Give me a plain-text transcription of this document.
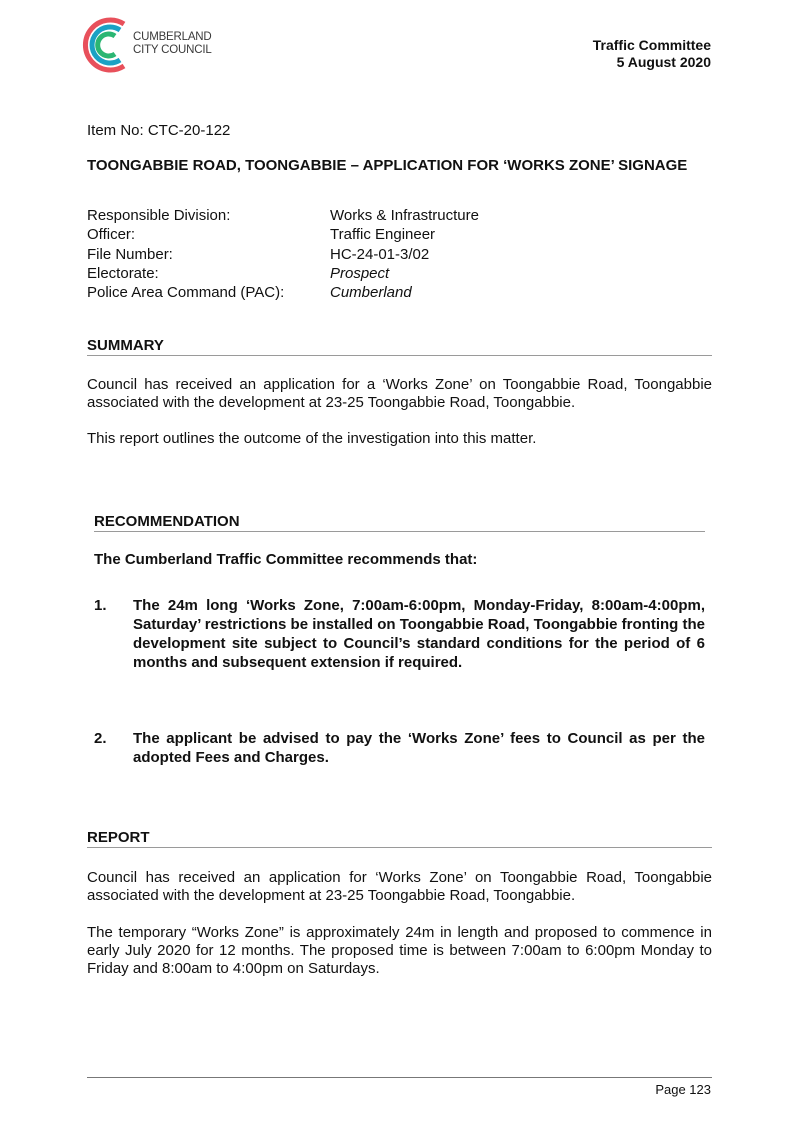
CUMBERLAND
CITY COUNCIL	Traffic Committee
5 August 2020
Item No: CTC-20-122
TOONGABBIE ROAD, TOONGABBIE – APPLICATION FOR ‘WORKS ZONE’ SIGNAGE
Responsible Division:	Works & Infrastructure
Officer:	Traffic Engineer
File Number:	HC-24-01-3/02
Electorate:	Prospect
Police Area Command (PAC):	Cumberland
SUMMARY

Council has received an application for a ‘Works Zone’ on Toongabbie Road, Toongabbie associated with the development at 23-25 Toongabbie Road, Toongabbie.

This report outlines the outcome of the investigation into this matter.

REPORT

Council has received an application for ‘Works Zone’ on Toongabbie Road, Toongabbie associated with the development at 23-25 Toongabbie Road, Toongabbie.

The temporary “Works Zone” is approximately 24m in length and proposed to commence in early July 2020 for 12 months. The proposed time is between 7:00am to 6:00pm Monday to Friday and 8:00am to 4:00pm on Saturdays.

RECOMMENDATION
The Cumberland Traffic Committee recommends that:
1.	The 24m long ‘Works Zone, 7:00am-6:00pm, Monday-Friday, 8:00am-4:00pm, Saturday’ restrictions be installed on Toongabbie Road, Toongabbie fronting the development site subject to Council’s standard conditions for the period of 6 months and subsequent extension if required.
2.	The applicant be advised to pay the ‘Works Zone’ fees to Council as per the adopted Fees and Charges.
Page 123
